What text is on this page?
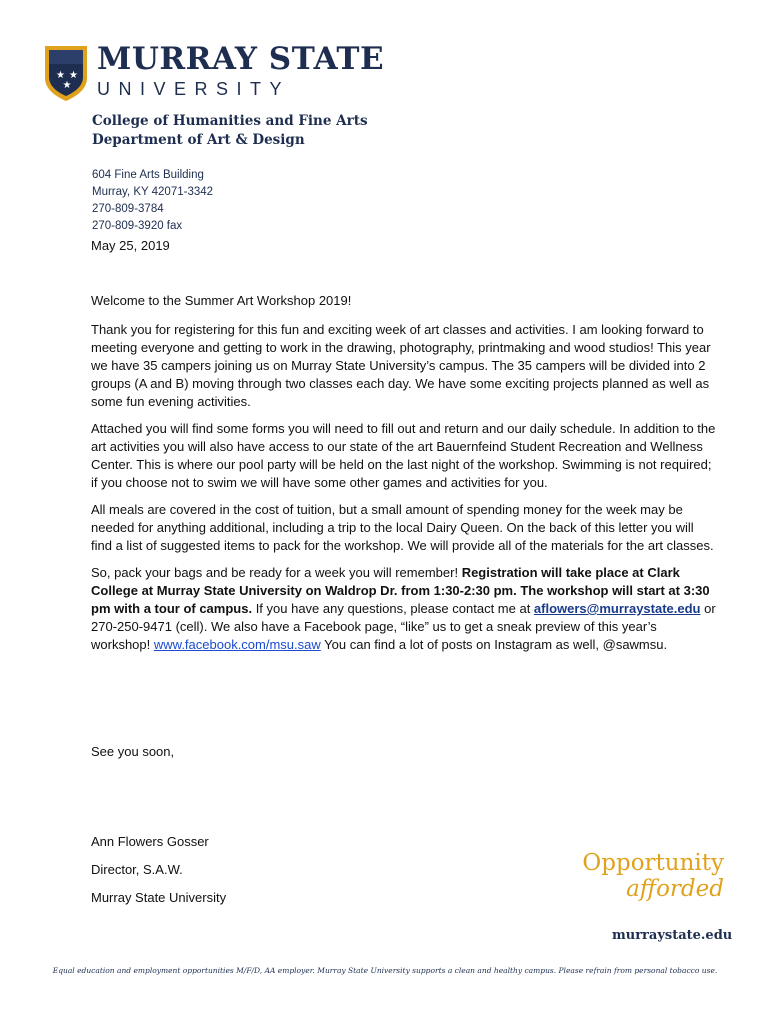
★ ★
★
MURRAY STATE
UNIVERSITY
College of Humanities and Fine Arts
Department of Art & Design
604 Fine Arts Building
Murray, KY 42071-3342
270-809-3784
270-809-3920 fax
May 25, 2019

Welcome to the Summer Art Workshop 2019!

Thank you for registering for this fun and exciting week of art classes and activities. I am looking forward to meeting everyone and getting to work in the drawing, photography, printmaking and wood studios! This year we have 35 campers joining us on Murray State University’s campus. The 35 campers will be divided into 2 groups (A and B) moving through two classes each day. We have some exciting projects planned as well as some fun evening activities.

Attached you will find some forms you will need to fill out and return and our daily schedule. In addition to the art activities you will also have access to our state of the art Bauernfeind Student Recreation and Wellness Center. This is where our pool party will be held on the last night of the workshop. Swimming is not required; if you choose not to swim we will have some other games and activities for you.

All meals are covered in the cost of tuition, but a small amount of spending money for the week may be needed for anything additional, including a trip to the local Dairy Queen. On the back of this letter you will find a list of suggested items to pack for the workshop. We will provide all of the materials for the art classes.

So, pack your bags and be ready for a week you will remember! Registration will take place at Clark College at Murray State University on Waldrop Dr. from 1:30-2:30 pm. The workshop will start at 3:30 pm with a tour of campus. If you have any questions, please contact me at aflowers@murraystate.edu or 270-250-9471 (cell). We also have a Facebook page, “like” us to get a sneak preview of this year’s workshop! www.facebook.com/msu.saw You can find a lot of posts on Instagram as well, @sawmsu.

See you soon,
Ann Flowers Gosser
Director, S.A.W.
Murray State University
Opportunity
afforded
murraystate.edu
Equal education and employment opportunities M/F/D, AA employer. Murray State University supports a clean and healthy campus. Please refrain from personal tobacco use.
